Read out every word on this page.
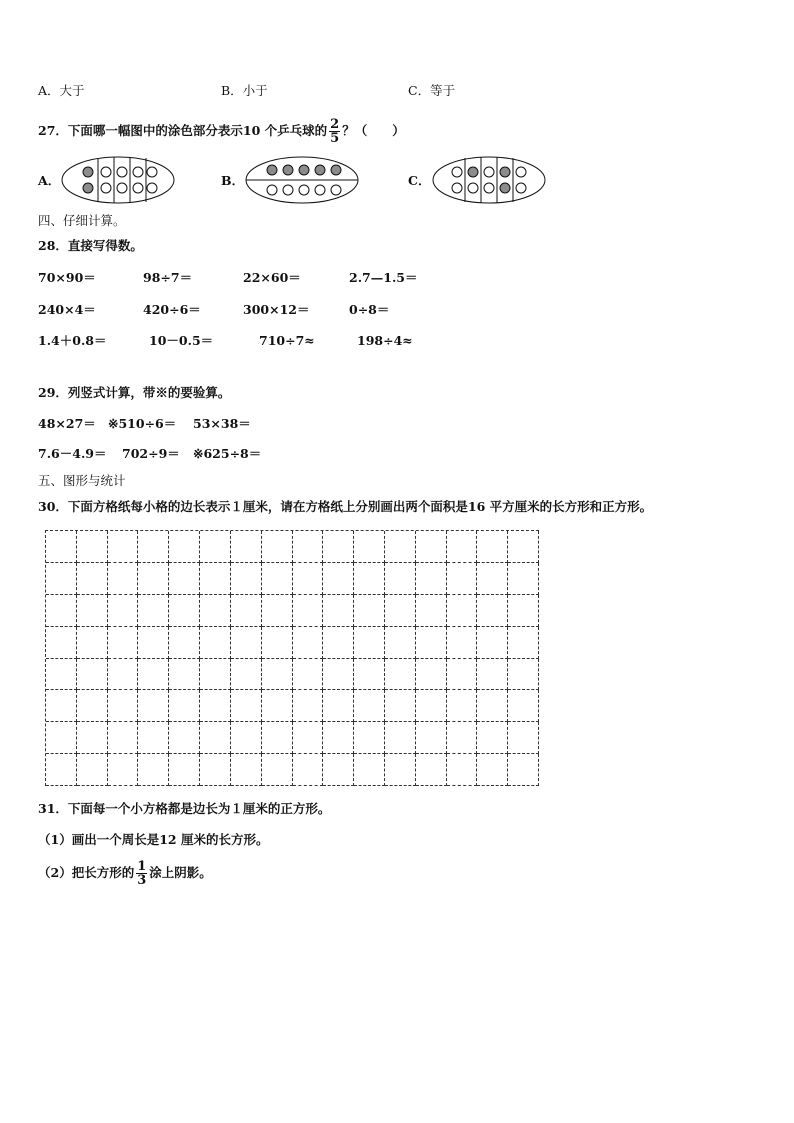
A．大于	B．小于	C．等于
27．下面哪一幅图中的涂色部分表示10 个乒乓球的 $\frac{2}{5}$ ？（　　）
A．	B．	C．
四、仔细计算。
28．直接写得数。
70×90＝	98÷7＝	22×60＝	2.7—1.5＝
240×4＝	420÷6＝	300×12＝	0÷8＝
1.4＋0.8＝	10－0.5＝	710÷7≈	198÷4≈
29．列竖式计算，带※的要验算。
48×27＝ ※510÷6＝ 53×38＝
7.6－4.9＝ 702÷9＝ ※625÷8＝
五、图形与统计
30．下面方格纸每小格的边长表示１厘米，请在方格纸上分别画出两个面积是16 平方厘米的长方形和正方形。
31．下面每一个小方格都是边长为１厘米的正方形。
（1）画出一个周长是12 厘米的长方形。
（2）把长方形的 $\frac{1}{3}$ 涂上阴影。
